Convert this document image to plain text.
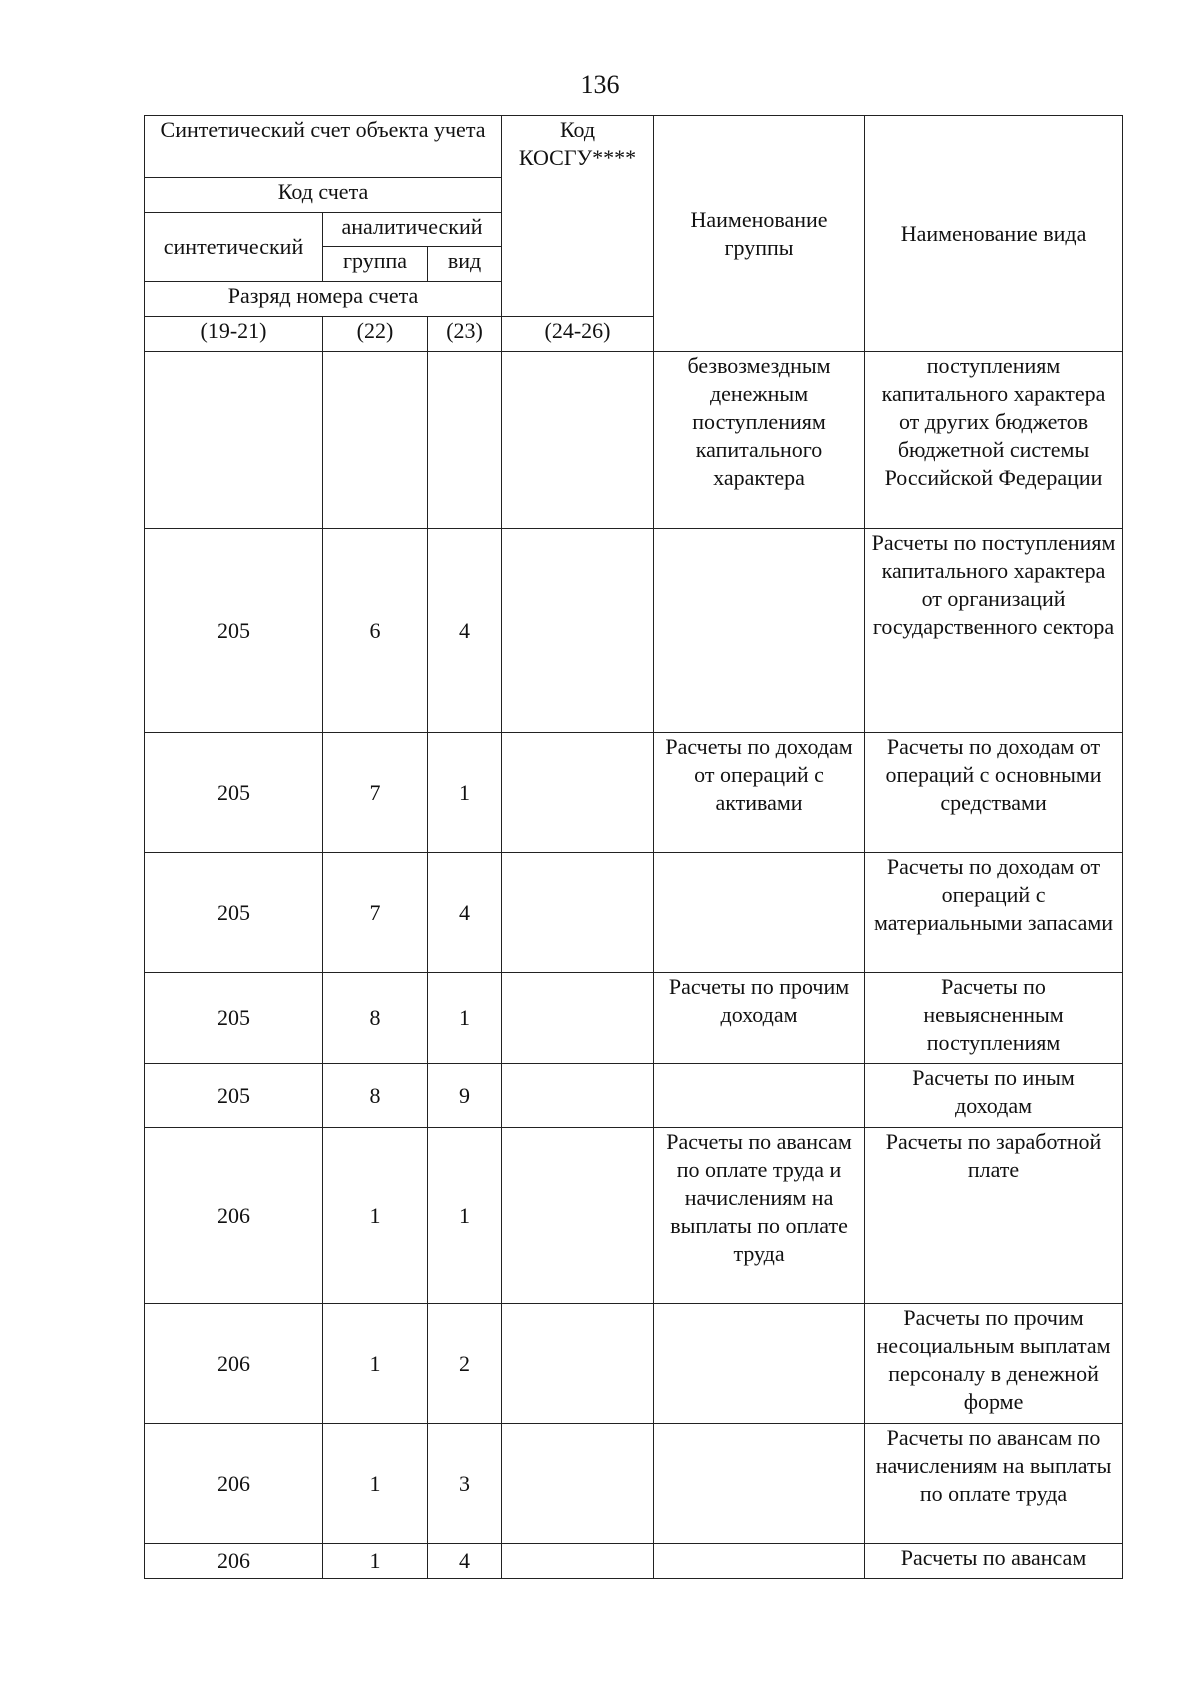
136
Синтетический счет объекта учета			Код КОСГУ****	Наименование группы	Наименование вида
Код счета					
синтетический	аналитический				
	группа	вид			
Разряд номера счета					
(19-21)	(22)	(23)	(24-26)		
				безвозмездным денежным поступлениям капитального характера	поступлениям капитального характера от других бюджетов бюджетной системы Российской Федерации
205	6	4			Расчеты по поступлениям капитального характера от организаций государственного сектора
205	7	1		Расчеты по доходам от операций с активами	Расчеты по доходам от операций с основными средствами
205	7	4			Расчеты по доходам от операций с материальными запасами
205	8	1		Расчеты по прочим доходам	Расчеты по невыясненным поступлениям
205	8	9			Расчеты по иным доходам
206	1	1		Расчеты по авансам по оплате труда и начислениям на выплаты по оплате труда	Расчеты по заработной плате
206	1	2			Расчеты по прочим несоциальным выплатам персоналу в денежной форме
206	1	3			Расчеты по авансам по начислениям на выплаты по оплате труда
206	1	4			Расчеты по авансам
